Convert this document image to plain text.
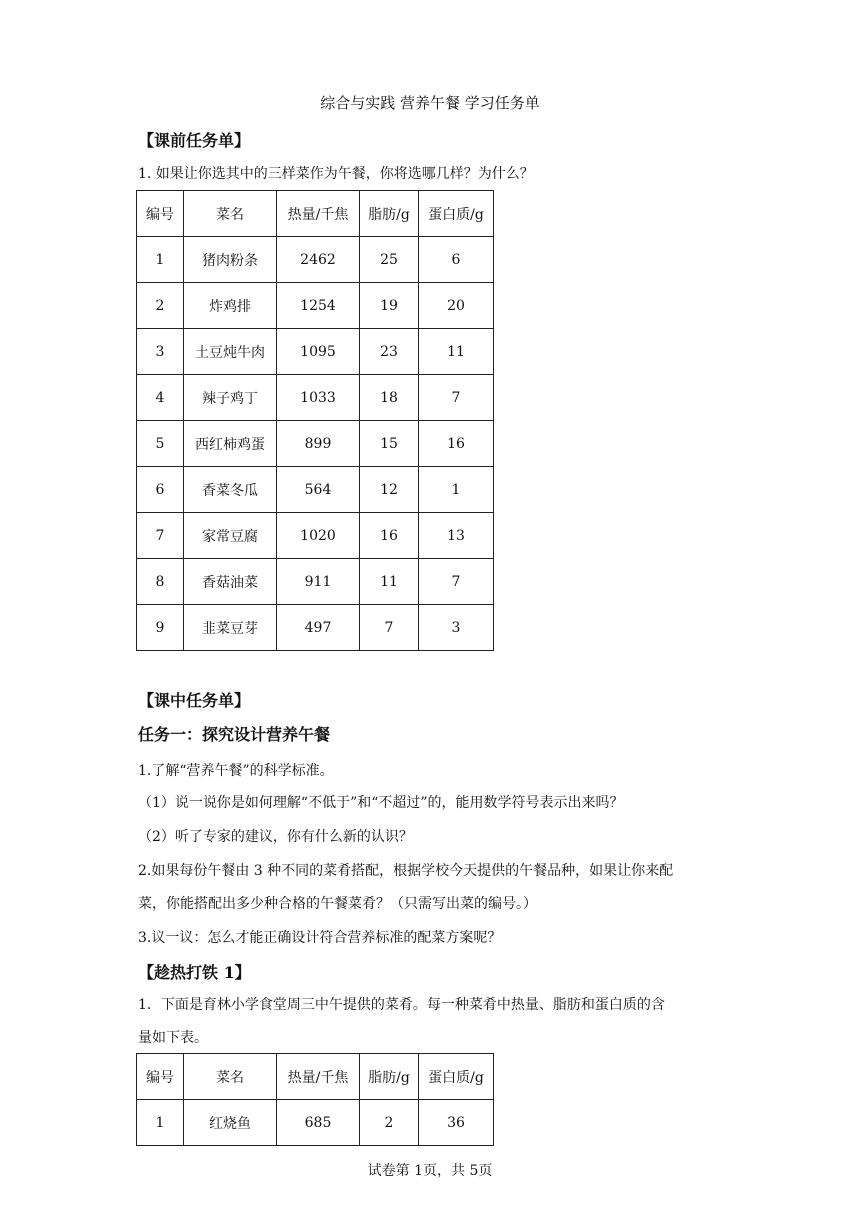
综合与实践 营养午餐 学习任务单
【课前任务单】
1. 如果让你选其中的三样菜作为午餐，你将选哪几样？为什么？
编号	菜名	热量/千焦	脂肪/g	蛋白质/g
1	猪肉粉条	2462	25	6
2	炸鸡排	1254	19	20
3	土豆炖牛肉	1095	23	11
4	辣子鸡丁	1033	18	7
5	西红柿鸡蛋	899	15	16
6	香菜冬瓜	564	12	1
7	家常豆腐	1020	16	13
8	香菇油菜	911	11	7
9	韭菜豆芽	497	7	3
【课中任务单】
任务一：探究设计营养午餐
1.了解“营养午餐”的科学标准。
（1）说一说你是如何理解“不低于”和“不超过”的，能用数学符号表示出来吗？
（2）听了专家的建议，你有什么新的认识？
2.如果每份午餐由 3 种不同的菜肴搭配，根据学校今天提供的午餐品种，如果让你来配
菜，你能搭配出多少种合格的午餐菜肴？（只需写出菜的编号。）
3.议一议：怎么才能正确设计符合营养标准的配菜方案呢？
【趁热打铁 1】
1．下面是育林小学食堂周三中午提供的菜肴。每一种菜肴中热量、脂肪和蛋白质的含
量如下表。
编号	菜名	热量/千焦	脂肪/g	蛋白质/g
1	红烧鱼	685	2	36
试卷第 1页，共 5页
